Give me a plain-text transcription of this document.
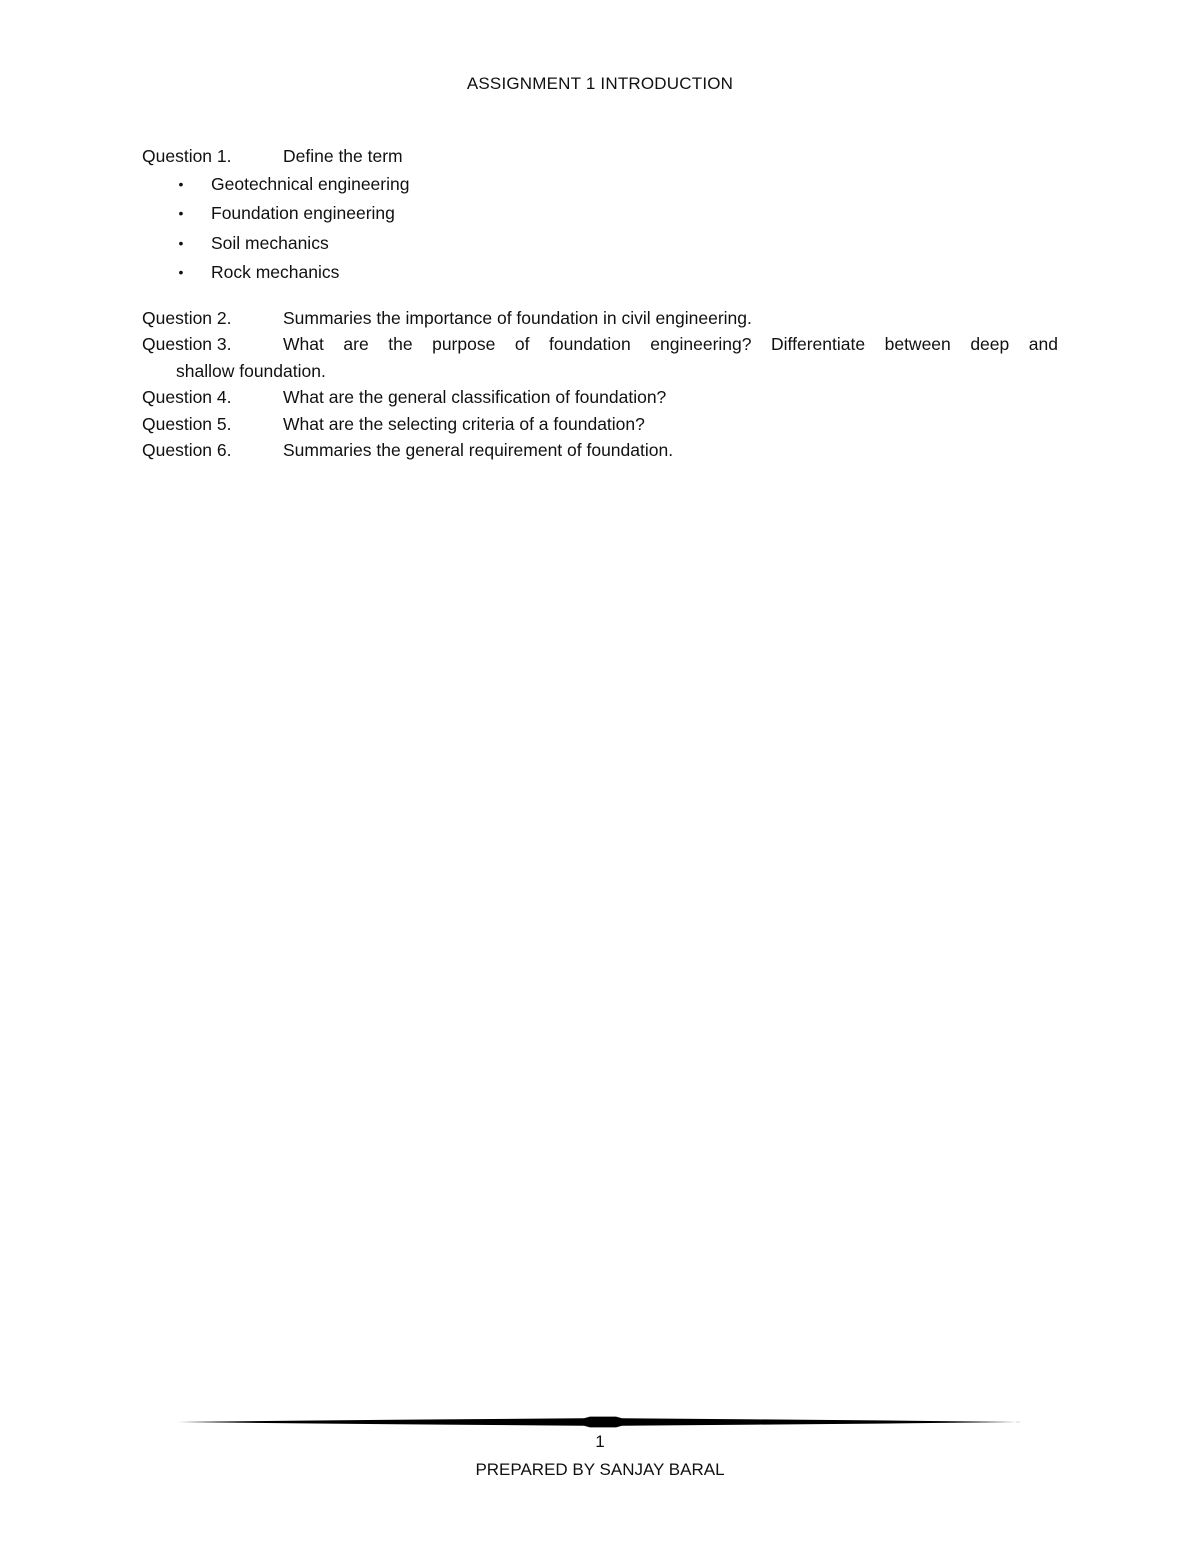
ASSIGNMENT 1 INTRODUCTION
Question 1.	Define the term
• Geotechnical engineering
• Foundation engineering
• Soil mechanics
• Rock mechanics
Question 2.	Summaries the importance of foundation in civil engineering.
Question 3.	What are the purpose of foundation engineering? Differentiate between deep and
shallow foundation.
Question 4.	What are the general classification of foundation?
Question 5.	What are the selecting criteria of a foundation?
Question 6.	Summaries the general requirement of foundation.
1
PREPARED BY SANJAY BARAL
